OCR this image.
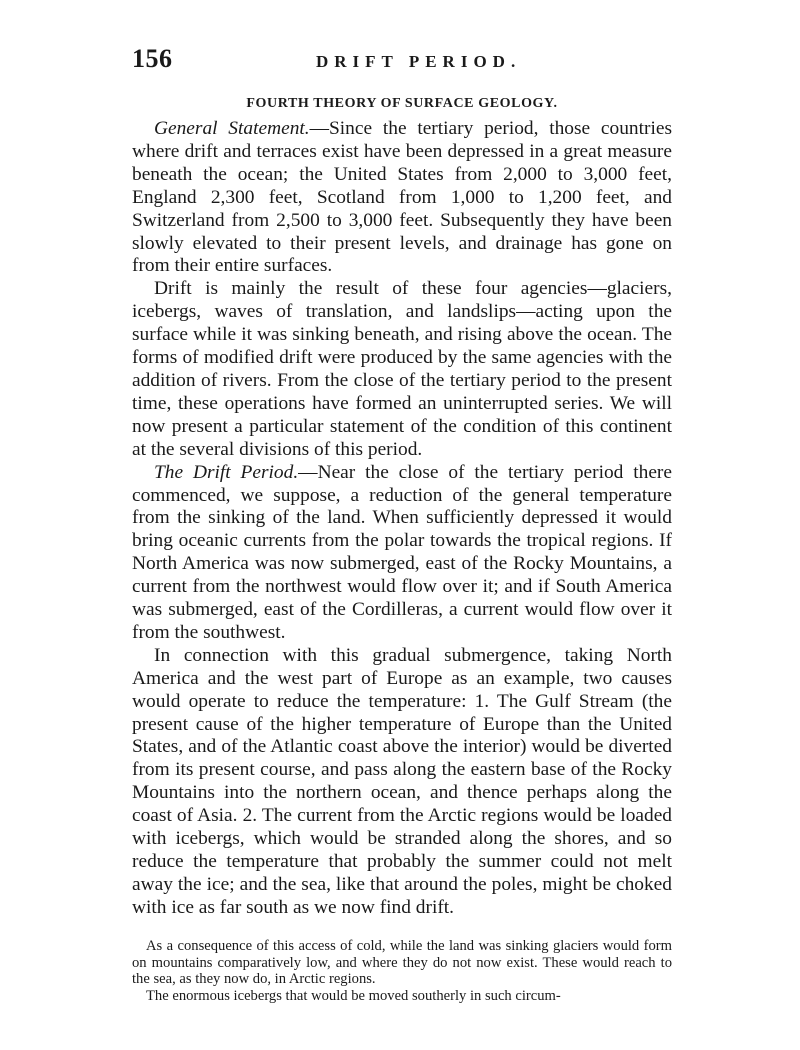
156	DRIFT PERIOD.
FOURTH THEORY OF SURFACE GEOLOGY.

General Statement.—Since the tertiary period, those countries where drift and terraces exist have been depressed in a great measure beneath the ocean; the United States from 2,000 to 3,000 feet, England 2,300 feet, Scotland from 1,000 to 1,200 feet, and Switzerland from 2,500 to 3,000 feet. Subsequently they have been slowly elevated to their present levels, and drainage has gone on from their entire surfaces.

Drift is mainly the result of these four agencies—glaciers, icebergs, waves of translation, and landslips—acting upon the surface while it was sinking beneath, and rising above the ocean. The forms of modified drift were produced by the same agencies with the addition of rivers. From the close of the tertiary period to the present time, these operations have formed an uninterrupted series. We will now present a particular statement of the condition of this continent at the several divisions of this period.

The Drift Period.—Near the close of the tertiary period there commenced, we suppose, a reduction of the general temperature from the sinking of the land. When sufficiently depressed it would bring oceanic currents from the polar towards the tropical regions. If North America was now submerged, east of the Rocky Mountains, a current from the northwest would flow over it; and if South America was submerged, east of the Cordilleras, a current would flow over it from the southwest.

In connection with this gradual submergence, taking North America and the west part of Europe as an example, two causes would operate to reduce the temperature: 1. The Gulf Stream (the present cause of the higher temperature of Europe than the United States, and of the Atlantic coast above the interior) would be diverted from its present course, and pass along the eastern base of the Rocky Mountains into the northern ocean, and thence perhaps along the coast of Asia. 2. The current from the Arctic regions would be loaded with icebergs, which would be stranded along the shores, and so reduce the temperature that probably the summer could not melt away the ice; and the sea, like that around the poles, might be choked with ice as far south as we now find drift.

As a consequence of this access of cold, while the land was sinking glaciers would form on mountains comparatively low, and where they do not now exist. These would reach to the sea, as they now do, in Arctic regions.

The enormous icebergs that would be moved southerly in such circum-
